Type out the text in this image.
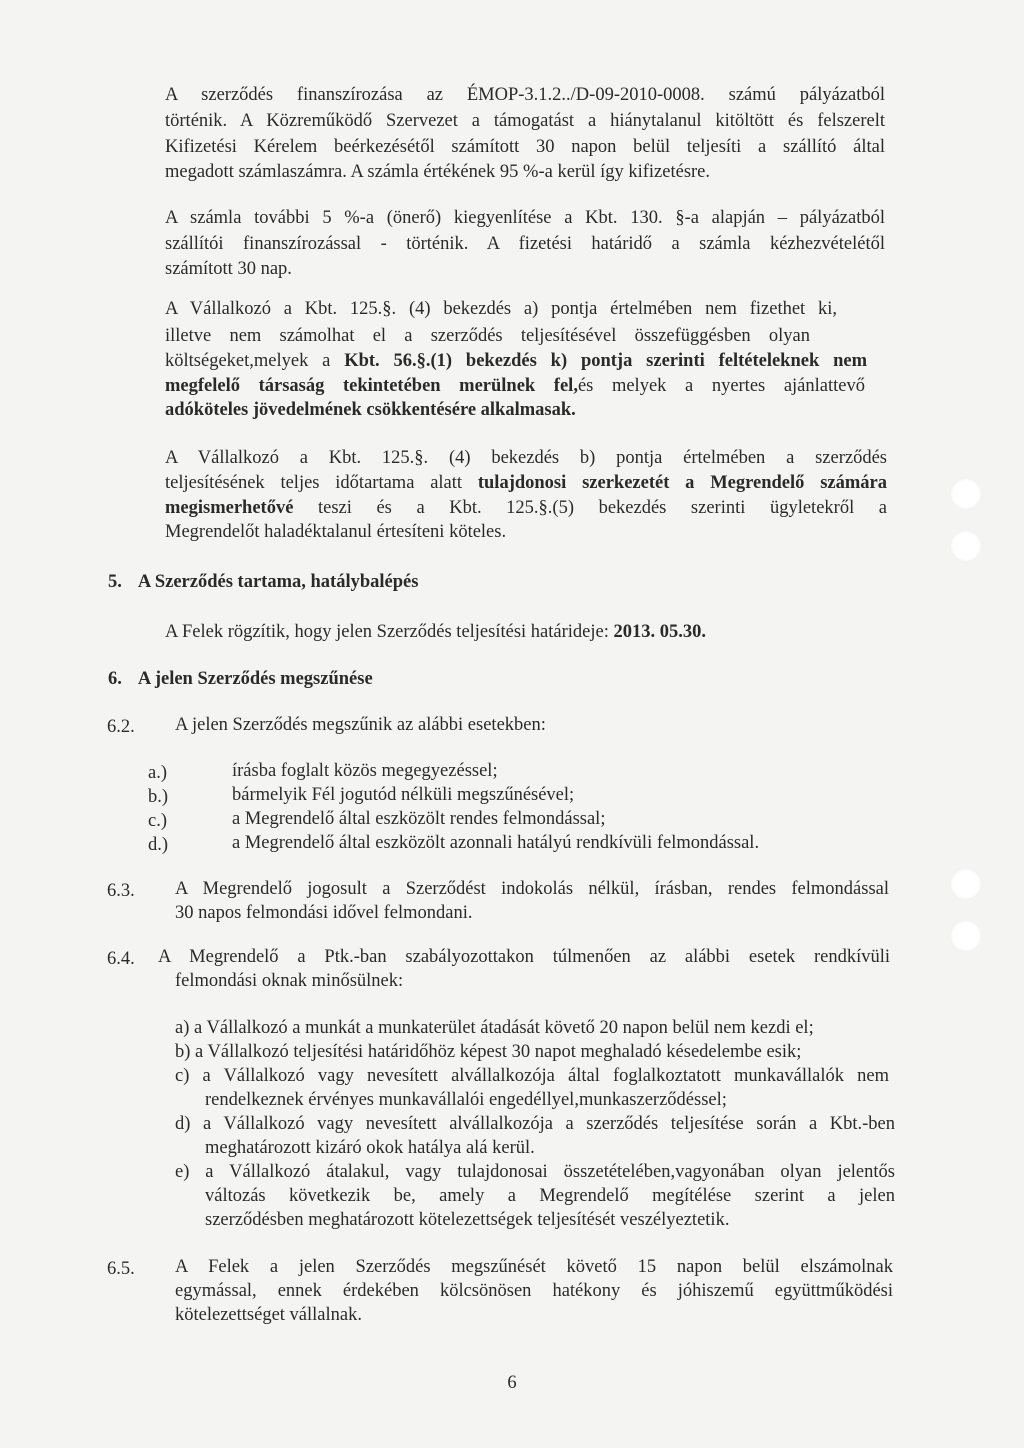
A szerződés finanszírozása az ÉMOP-3.1.2../D-09-2010-0008. számú pályázatból
történik. A Közreműködő Szervezet a támogatást a hiánytalanul kitöltött és felszerelt
Kifizetési Kérelem beérkezésétől számított 30 napon belül teljesíti a szállító által
megadott számlaszámra. A számla értékének 95 %-a kerül így kifizetésre.
A számla további 5 %-a (önerő) kiegyenlítése a Kbt. 130. §-a alapján – pályázatból
szállítói finanszírozással - történik. A fizetési határidő a számla kézhezvételétől
számított 30 nap.
A Vállalkozó a Kbt. 125.§. (4) bekezdés a) pontja értelmében nem fizethet ki,
illetve nem számolhat el a szerződés teljesítésével összefüggésben olyan
költségeket,melyek a Kbt. 56.§.(1) bekezdés k) pontja szerinti feltételeknek nem
megfelelő társaság tekintetében merülnek fel,és melyek a nyertes ajánlattevő
adóköteles jövedelmének csökkentésére alkalmasak.
A Vállalkozó a Kbt. 125.§. (4) bekezdés b) pontja értelmében a szerződés
teljesítésének teljes időtartama alatt tulajdonosi szerkezetét a Megrendelő számára
megismerhetővé teszi és a Kbt. 125.§.(5) bekezdés szerinti ügyletekről a
Megrendelőt haladéktalanul értesíteni köteles.
5. A Szerződés tartama, hatálybalépés
A Felek rögzítik, hogy jelen Szerződés teljesítési határideje: 2013. 05.30.
6. A jelen Szerződés megszűnése
6.2. A jelen Szerződés megszűnik az alábbi esetekben:
a.)	írásba foglalt közös megegyezéssel;
b.)	bármelyik Fél jogutód nélküli megszűnésével;
c.)	a Megrendelő által eszközölt rendes felmondással;
d.)	a Megrendelő által eszközölt azonnali hatályú rendkívüli felmondással.
6.3. A Megrendelő jogosult a Szerződést indokolás nélkül, írásban, rendes felmondással
30 napos felmondási idővel felmondani.
6.4. A Megrendelő a Ptk.-ban szabályozottakon túlmenően az alábbi esetek rendkívüli
felmondási oknak minősülnek:
a) a Vállalkozó a munkát a munkaterület átadását követő 20 napon belül nem kezdi el;
b) a Vállalkozó teljesítési határidőhöz képest 30 napot meghaladó késedelembe esik;
c) a Vállalkozó vagy nevesített alvállalkozója által foglalkoztatott munkavállalók nem
rendelkeznek érvényes munkavállalói engedéllyel,munkaszerződéssel;
d) a Vállalkozó vagy nevesített alvállalkozója a szerződés teljesítése során a Kbt.-ben
meghatározott kizáró okok hatálya alá kerül.
e) a Vállalkozó átalakul, vagy tulajdonosai összetételében,vagyonában olyan jelentős
változás következik be, amely a Megrendelő megítélése szerint a jelen
szerződésben meghatározott kötelezettségek teljesítését veszélyeztetik.
6.5. A Felek a jelen Szerződés megszűnését követő 15 napon belül elszámolnak
egymással, ennek érdekében kölcsönösen hatékony és jóhiszemű együttműködési
kötelezettséget vállalnak.
6
